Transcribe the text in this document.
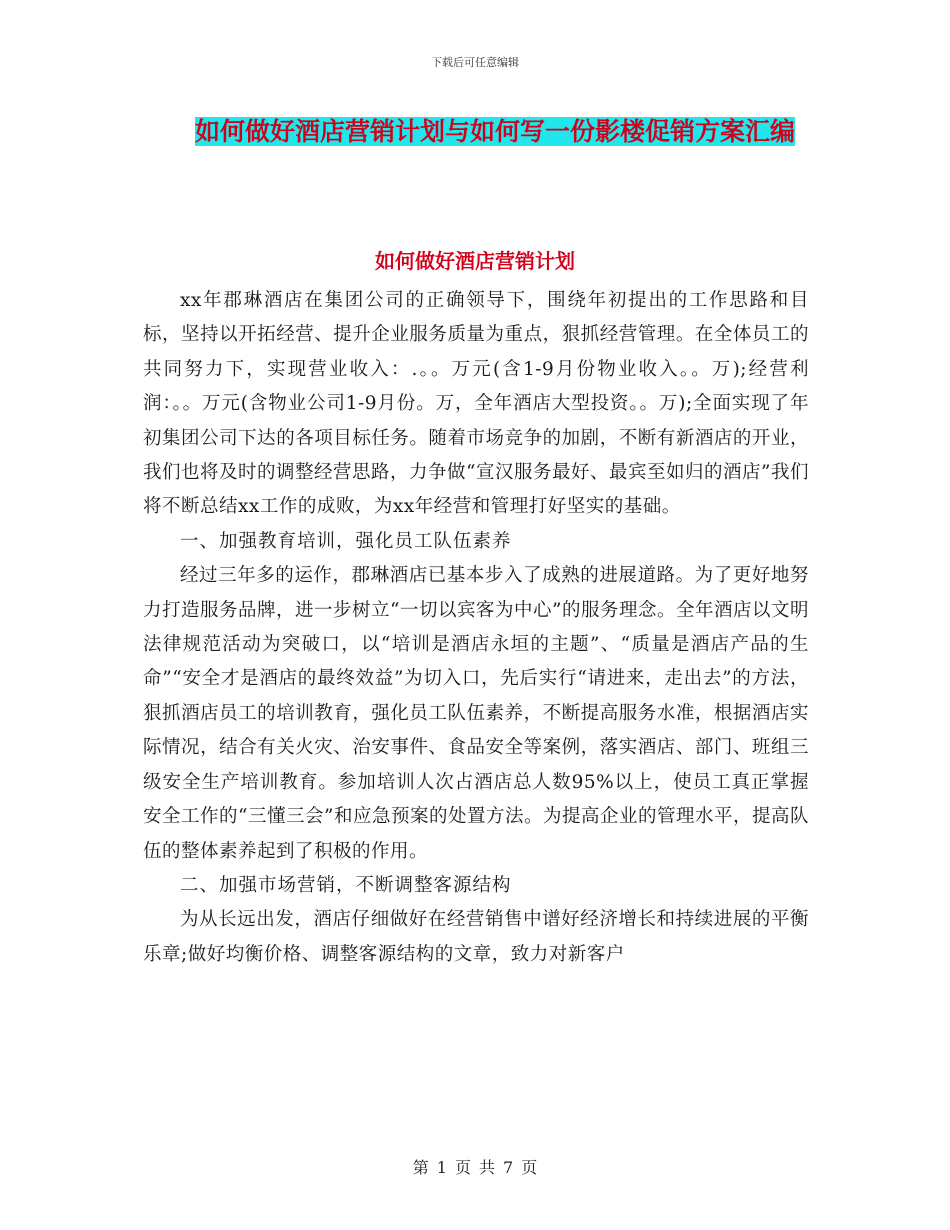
下载后可任意编辑
如何做好酒店营销计划与如何写一份影楼促销方案汇编
如何做好酒店营销计划

xx年郡琳酒店在集团公司的正确领导下，围绕年初提出的工作思路和目标，坚持以开拓经营、提升企业服务质量为重点，狠抓经营管理。在全体员工的共同努力下，实现营业收入：.。。万元(含1-9月份物业收入。。万);经营利润：。。万元(含物业公司1-9月份。万，全年酒店大型投资。。万);全面实现了年初集团公司下达的各项目标任务。随着市场竞争的加剧，不断有新酒店的开业，我们也将及时的调整经营思路，力争做“宣汉服务最好、最宾至如归的酒店”我们将不断总结xx工作的成败，为xx年经营和管理打好坚实的基础。

一、加强教育培训，强化员工队伍素养

经过三年多的运作，郡琳酒店已基本步入了成熟的进展道路。为了更好地努力打造服务品牌，进一步树立“一切以宾客为中心”的服务理念。全年酒店以文明法律规范活动为突破口，以“培训是酒店永垣的主题”、“质量是酒店产品的生命”“安全才是酒店的最终效益”为切入口，先后实行“请进来，走出去”的方法，狠抓酒店员工的培训教育，强化员工队伍素养，不断提高服务水准，根据酒店实际情况，结合有关火灾、治安事件、食品安全等案例，落实酒店、部门、班组三级安全生产培训教育。参加培训人次占酒店总人数95%以上，使员工真正掌握安全工作的“三懂三会”和应急预案的处置方法。为提高企业的管理水平，提高队伍的整体素养起到了积极的作用。

二、加强市场营销，不断调整客源结构

为从长远出发，酒店仔细做好在经营销售中谱好经济增长和持续进展的平衡乐章;做好均衡价格、调整客源结构的文章，致力对新客户

第 1 页 共 7 页
